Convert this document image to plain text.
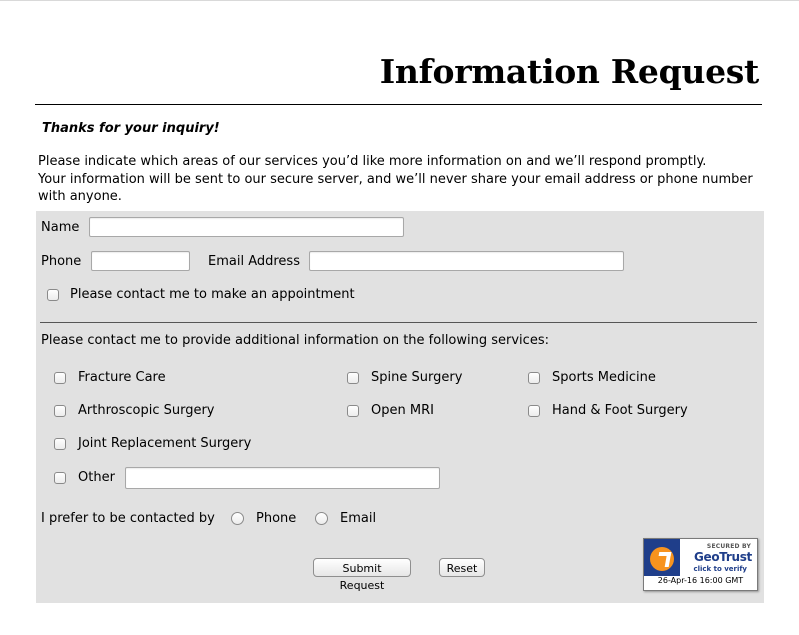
Information Request
Thanks for your inquiry!

Please indicate which areas of our services you’d like more information on and we’ll respond promptly.

Your information will be sent to our secure server, and we’ll never share your email address or phone number with anyone.

Name
Phone	Email Address
Please contact me to make an appointment
Please contact me to provide additional information on the following services:
Fracture Care	Spine Surgery	Sports Medicine
Arthroscopic Surgery	Open MRI	Hand & Foot Surgery
Joint Replacement Surgery
Other
I prefer to be contacted by	Phone	Email
Submit Request
Reset
SECURED BY
GeoTrust
click to verify
26-Apr-16 16:00 GMT
